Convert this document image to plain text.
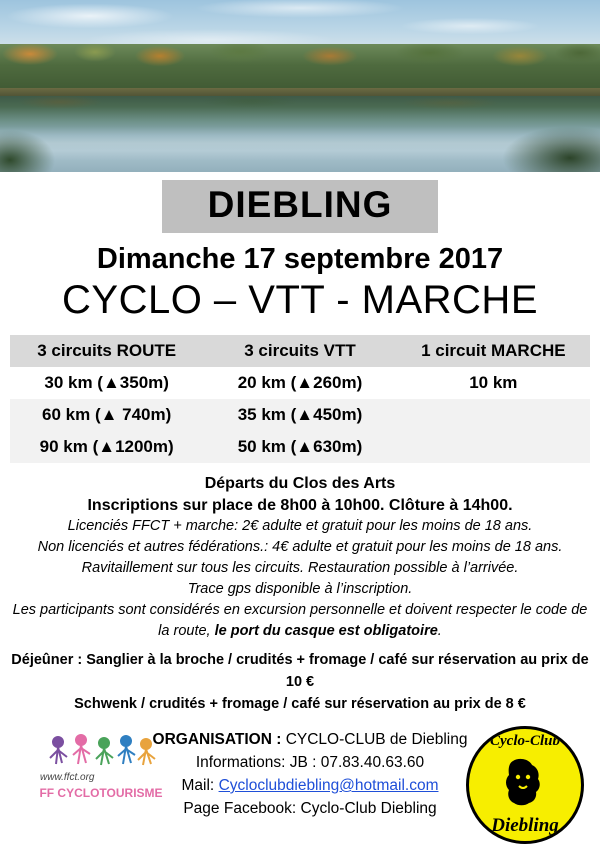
DIEBLING
Dimanche 17 septembre 2017
CYCLO – VTT - MARCHE
3 circuits ROUTE	3 circuits VTT	1 circuit MARCHE
30 km (▲350m)	20 km (▲260m)	10 km
60 km (▲ 740m)	35 km (▲450m)	
90 km (▲1200m)	50 km (▲630m)	
Départs du Clos des Arts
Inscriptions sur place de 8h00 à 10h00. Clôture à 14h00.
Licenciés FFCT + marche: 2€ adulte et gratuit pour les moins de 18 ans.
Non licenciés et autres fédérations.: 4€ adulte et gratuit pour les moins de 18 ans.
Ravitaillement sur tous les circuits. Restauration possible à l’arrivée.
Trace gps disponible à l’inscription.
Les participants sont considérés en excursion personnelle et doivent respecter le code de la route, le port du casque est obligatoire.
Déjeûner : Sanglier à la broche / crudités + fromage / café sur réservation au prix de 10 €
Schwenk / crudités + fromage / café sur réservation au prix de 8 €
www.ffct.org
FF CYCLOTOURISME
ORGANISATION : CYCLO-CLUB de Diebling
Informations: JB : 07.83.40.63.60
Mail: Cycloclubdiebling@hotmail.com
Page Facebook: Cyclo-Club Diebling
Cyclo-Club
Diebling
